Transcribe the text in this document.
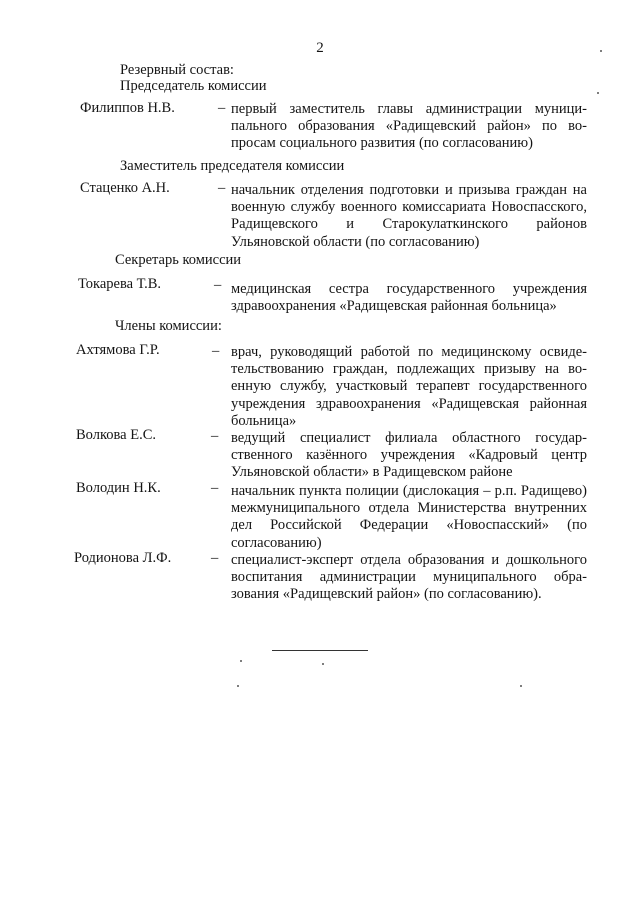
2
Резервный состав:
Председатель комиссии
Филиппов Н.В.	– первый заместитель главы администрации муниципального образования «Радищевский район» по вопросам социального развития (по согласованию)
Заместитель председателя комиссии
Стаценко А.Н.	– начальник отделения подготовки и призыва граждан на военную службу военного комиссариата Новоспасского, Радищевского и Старокулаткинского районов Ульяновской области (по согласованию)
Секретарь комиссии
Токарева Т.В.	– медицинская сестра государственного учреждения здравоохранения «Радищевская районная больница»
Члены комиссии:
Ахтямова Г.Р.	– врач, руководящий работой по медицинскому освидетельствованию граждан, подлежащих призыву на военную службу, участковый терапевт государственного учреждения здравоохранения «Радищевская районная больница»
Волкова Е.С.	– ведущий специалист филиала областного государственного казённого учреждения «Кадровый центр Ульяновской области» в Радищевском районе
Володин Н.К.	– начальник пункта полиции (дислокация – р.п. Радищево) межмуниципального отдела Министерства внутренних дел Российской Федерации «Новоспасский» (по согласованию)
Родионова Л.Ф.	– специалист-эксперт отдела образования и дошкольного воспитания администрации муниципального образования «Радищевский район» (по согласованию).
